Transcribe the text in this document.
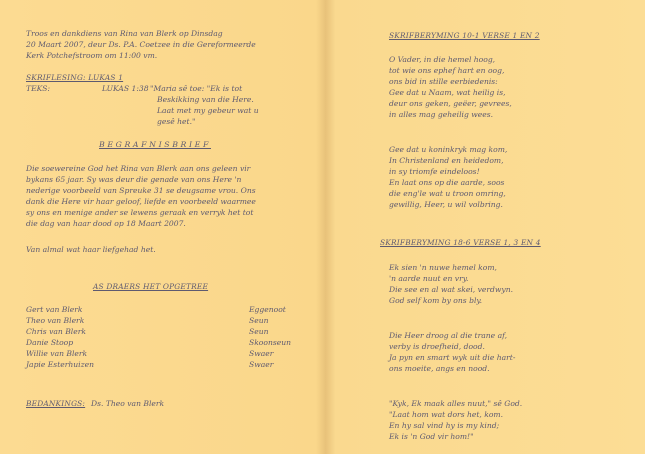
Troos en dankdiens van Rina van Blerk op Dinsdag
20 Maart 2007, deur Ds. P.A. Coetzee in die Gereformeerde
Kerk Potchefstroom om 11:00 vm.
SKRIFLESING: LUKAS 1
TEKS:	LUKAS 1:38 "Maria sê toe: "Ek is tot
Beskikking van die Here.
Laat met my gebeur wat u
gesê het."
BEGRAFNISBRIEF
Die soewereine God het Rina van Blerk aan ons geleen vir
bykans 65 jaar. Sy was deur die genade van ons Here 'n
nederige voorbeeld van Spreuke 31 se deugsame vrou. Ons
dank die Here vir haar geloof, liefde en voorbeeld waarmee
sy ons en menige ander se lewens geraak en verryk het tot
die dag van haar dood op 18 Maart 2007.
Van almal wat haar liefgehad het.
AS DRAERS HET OPGETREE
Gert van Blerk	Eggenoot
Theo van Blerk	Seun
Chris van Blerk	Seun
Danie Stoop	Skoonseun
Willie van Blerk	Swaer
Japie Esterhuizen	Swaer
BEDANKINGS: Ds. Theo van Blerk
SKRIFBERYMING 10-1 VERSE 1 EN 2
O Vader, in die hemel hoog,
tot wie ons ephef hart en oog,
ons bid in stille eerbiedenis:
Gee dat u Naam, wat heilig is,
deur ons geken, geëer, gevrees,
in alles mag geheilig wees.
Gee dat u koninkryk mag kom,
In Christenland en heidedom,
in sy triomfe eindeloos!
En laat ons op die aarde, soos
die eng'le wat u troon omring,
gewillig, Heer, u wil volbring.
SKRIFBERYMING 18-6 VERSE 1, 3 EN 4
Ek sien 'n nuwe hemel kom,
'n aarde nuut en vry.
Die see en al wat skei, verdwyn.
God self kom by ons bly.
Die Heer droog al die trane af,
verby is droefheid, dood.
Ja pyn en smart wyk uit die hart-
ons moeite, angs en nood.
"Kyk, Ek maak alles nuut," sê God.
"Laat hom wat dors het, kom.
En hy sal vind hy is my kind;
Ek is 'n God vir hom!"
